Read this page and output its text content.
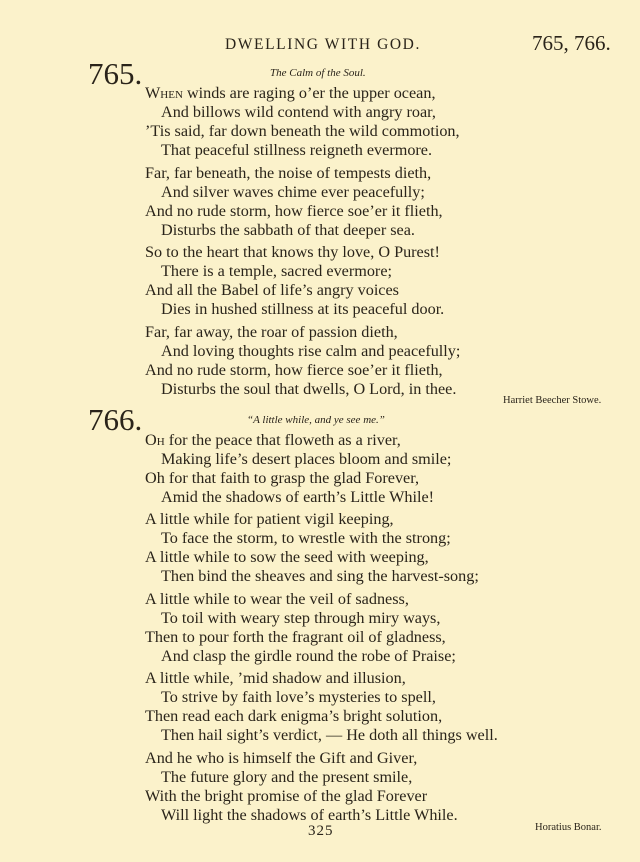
DWELLING WITH GOD.	765, 766.
765.	The Calm of the Soul.
When winds are raging o’er the upper ocean,
And billows wild contend with angry roar,
’Tis said, far down beneath the wild commotion,
That peaceful stillness reigneth evermore.
Far, far beneath, the noise of tempests dieth,
And silver waves chime ever peacefully;
And no rude storm, how fierce soe’er it flieth,
Disturbs the sabbath of that deeper sea.
So to the heart that knows thy love, O Purest!
There is a temple, sacred evermore;
And all the Babel of life’s angry voices
Dies in hushed stillness at its peaceful door.
Far, far away, the roar of passion dieth,
And loving thoughts rise calm and peacefully;
And no rude storm, how fierce soe’er it flieth,
Disturbs the soul that dwells, O Lord, in thee.
Harriet Beecher Stowe.
766.	“A little while, and ye see me.”
Oh for the peace that floweth as a river,
Making life’s desert places bloom and smile;
Oh for that faith to grasp the glad Forever,
Amid the shadows of earth’s Little While!
A little while for patient vigil keeping,
To face the storm, to wrestle with the strong;
A little while to sow the seed with weeping,
Then bind the sheaves and sing the harvest-song;
A little while to wear the veil of sadness,
To toil with weary step through miry ways,
Then to pour forth the fragrant oil of gladness,
And clasp the girdle round the robe of Praise;
A little while, ’mid shadow and illusion,
To strive by faith love’s mysteries to spell,
Then read each dark enigma’s bright solution,
Then hail sight’s verdict, — He doth all things well.
And he who is himself the Gift and Giver,
The future glory and the present smile,
With the bright promise of the glad Forever
Will light the shadows of earth’s Little While.
Horatius Bonar.
325
